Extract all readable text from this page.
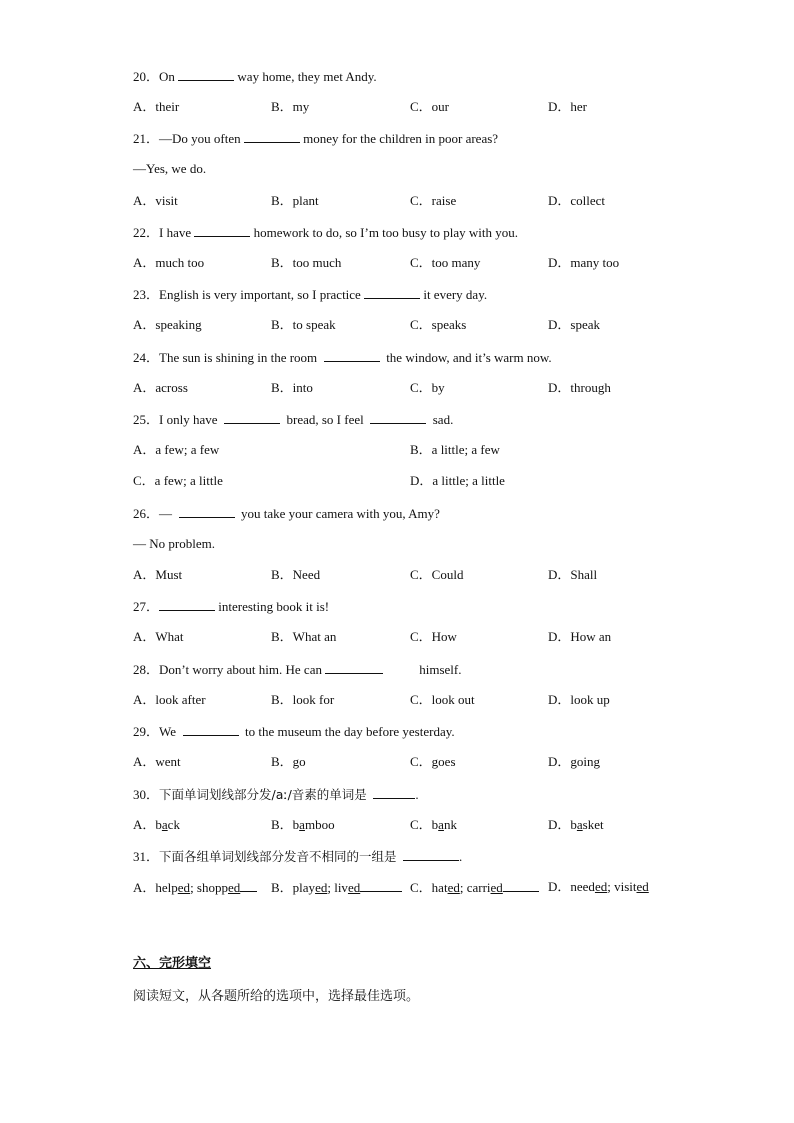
20．On	way home, they met Andy.
A．their	B．my	C．our	D．her
21．—Do you often	money for the children in poor areas?
—Yes, we do.
A．visit	B．plant	C．raise	D．collect
22．I have	homework to do, so I’m too busy to play with you.
A．much too	B．too much	C．too many	D．many too
23．English is very important, so I practice	it every day.
A．speaking	B．to speak	C．speaks	D．speak
24．The sun is shining in the room	the window, and it’s warm now.
A．across	B．into	C．by	D．through
25．I only have	bread, so I feel	sad.
A．a few; a few	B．a little; a few
C．a few; a little	D．a little; a little
26．—	you take your camera with you, Amy?
— No problem.
A．Must	B．Need	C．Could	D．Shall
27．	interesting book it is!
A．What	B．What an	C．How	D．How an
28．Don’t worry about him. He can	himself.
A．look after	B．look for	C．look out	D．look up
29．We	to the museum the day before yesterday.
A．went	B．go	C．goes	D．going
30．下面单词划线部分发/aː/音素的单词是	.
A．back	B．bamboo	C．bank	D．basket
31．下面各组单词划线部分发音不相同的一组是	.
A．helped; shopped	B．played; lived	C．hated; carried	D．needed; visited
六、完形填空
阅读短文，从各题所给的选项中，选择最佳选项。
